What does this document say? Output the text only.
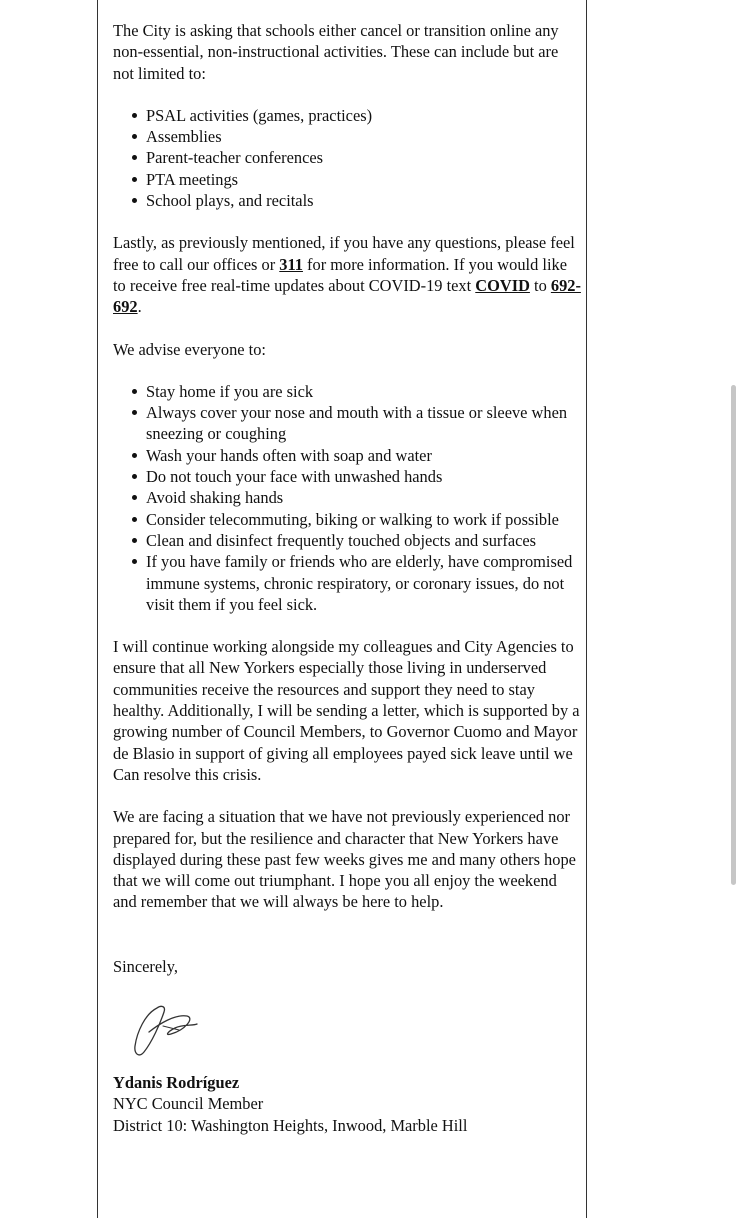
The City is asking that schools either cancel or transition online any non-essential, non-instructional activities. These can include but are not limited to:

PSAL activities (games, practices)
Assemblies
Parent-teacher conferences
PTA meetings
School plays, and recitals

Lastly, as previously mentioned, if you have any questions, please feel free to call our offices or 311 for more information. If you would like to receive free real-time updates about COVID-19 text COVID to 692-692.

We advise everyone to:

Stay home if you are sick
Always cover your nose and mouth with a tissue or sleeve when sneezing or coughing
Wash your hands often with soap and water
Do not touch your face with unwashed hands
Avoid shaking hands
Consider telecommuting, biking or walking to work if possible
Clean and disinfect frequently touched objects and surfaces
If you have family or friends who are elderly, have compromised immune systems, chronic respiratory, or coronary issues, do not visit them if you feel sick.

I will continue working alongside my colleagues and City Agencies to ensure that all New Yorkers especially those living in underserved communities receive the resources and support they need to stay healthy. Additionally, I will be sending a letter, which is supported by a growing number of Council Members, to Governor Cuomo and Mayor de Blasio in support of giving all employees payed sick leave until we Can resolve this crisis.

We are facing a situation that we have not previously experienced nor prepared for, but the resilience and character that New Yorkers have displayed during these past few weeks gives me and many others hope that we will come out triumphant. I hope you all enjoy the weekend and remember that we will always be here to help.

Sincerely,
Ydanis Rodríguez
NYC Council Member
District 10: Washington Heights, Inwood, Marble Hill
